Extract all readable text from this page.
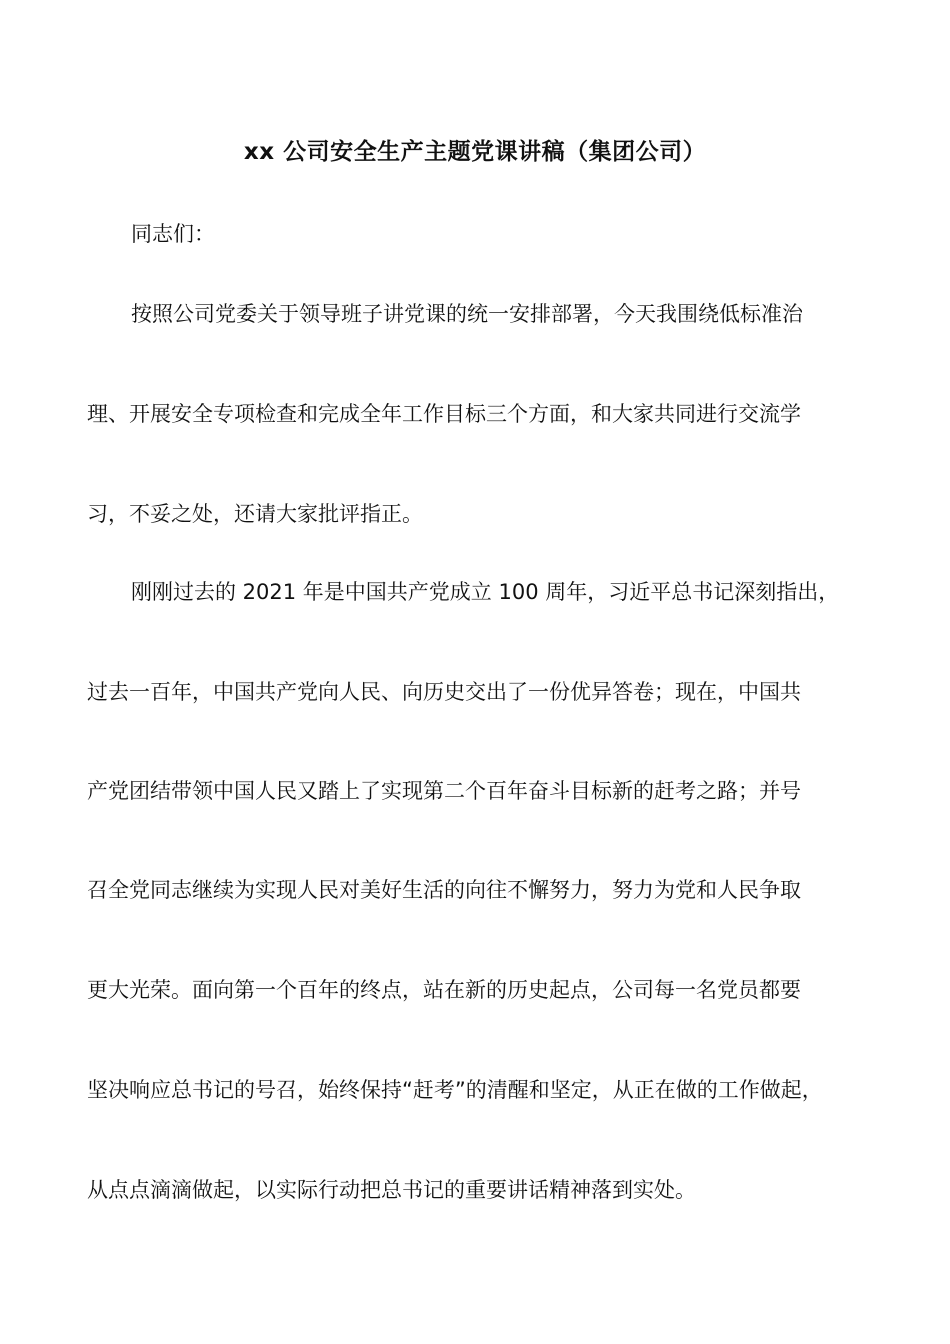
xx 公司安全生产主题党课讲稿（集团公司）
同志们：
按照公司党委关于领导班子讲党课的统一安排部署，今天我围绕低标准治
理、开展安全专项检查和完成全年工作目标三个方面，和大家共同进行交流学
习，不妥之处，还请大家批评指正。
刚刚过去的 2021 年是中国共产党成立 100 周年，习近平总书记深刻指出，
过去一百年，中国共产党向人民、向历史交出了一份优异答卷；现在，中国共
产党团结带领中国人民又踏上了实现第二个百年奋斗目标新的赶考之路；并号
召全党同志继续为实现人民对美好生活的向往不懈努力，努力为党和人民争取
更大光荣。面向第一个百年的终点，站在新的历史起点，公司每一名党员都要
坚决响应总书记的号召，始终保持“赶考”的清醒和坚定，从正在做的工作做起，
从点点滴滴做起，以实际行动把总书记的重要讲话精神落到实处。
